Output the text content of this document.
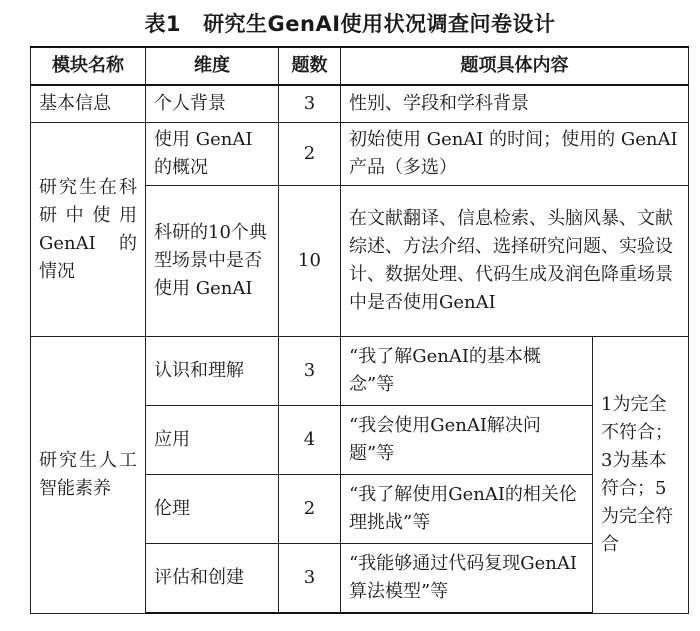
表1 研究生GenAI使用状况调查问卷设计
模块名称	维度	题数	题项具体内容	
基本信息	个人背景	3	性别、学段和学科背景	
研究生在科研中使用 GenAI 的情况	使用 GenAI 的概况	2	初始使用 GenAI 的时间；使用的 GenAI 产品（多选）	
	科研的10个典型场景中是否使用 GenAI	10	在文献翻译、信息检索、头脑风暴、文献综述、方法介绍、选择研究问题、实验设计、数据处理、代码生成及润色降重场景中是否使用GenAI	
研究生人工智能素养	认识和理解	3	“我了解GenAI的基本概念”等	1为完全不符合；3为基本符合；5为完全符合
	应用	4	“我会使用GenAI解决问题”等	
	伦理	2	“我了解使用GenAI的相关伦理挑战”等	
	评估和创建	3	“我能够通过代码复现GenAI算法模型”等	
